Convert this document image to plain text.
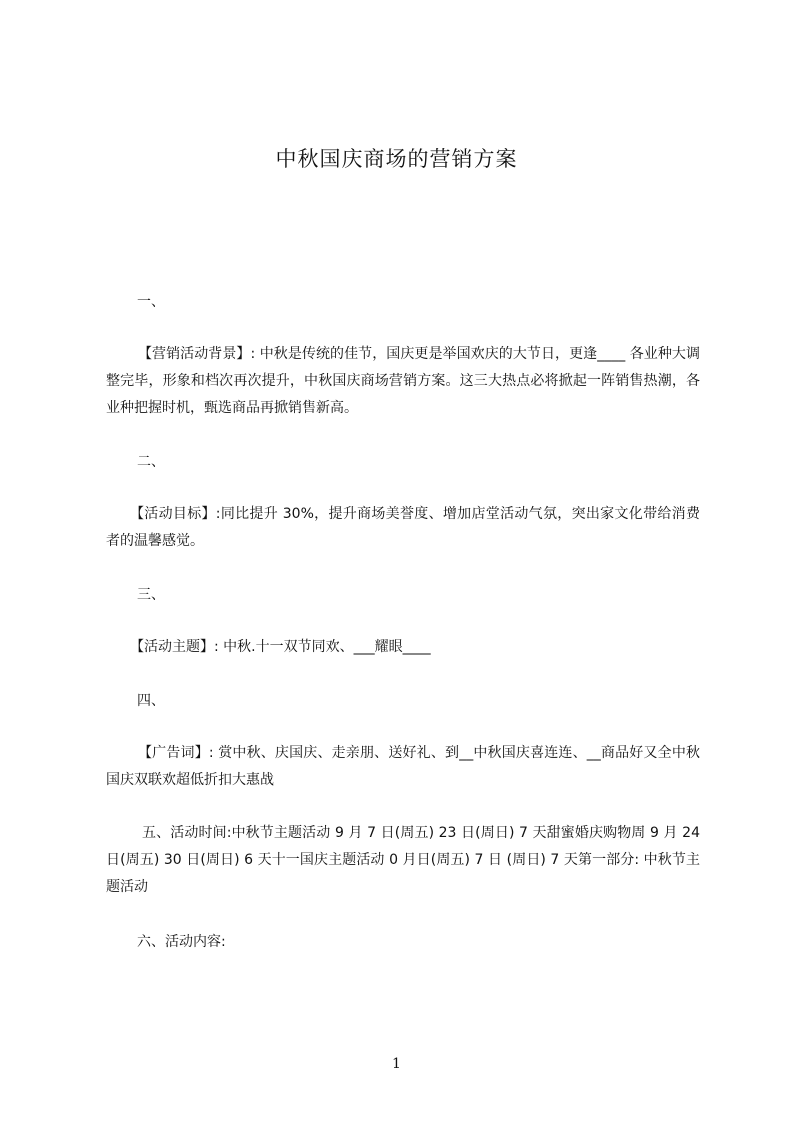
中秋国庆商场的营销方案
一、
【营销活动背景】: 中秋是传统的佳节，国庆更是举国欢庆的大节日，更逢____ 各业种大调整完毕，形象和档次再次提升，中秋国庆商场营销方案。这三大热点必将掀起一阵销售热潮，各业种把握时机，甄选商品再掀销售新高。
二、
【活动目标】:同比提升 30%，提升商场美誉度、增加店堂活动气氛，突出家文化带给消费者的温馨感觉。
三、
【活动主题】: 中秋.十一双节同欢、___耀眼____
四、
【广告词】: 赏中秋、庆国庆、走亲朋、送好礼、到__中秋国庆喜连连、__商品好又全中秋国庆双联欢超低折扣大惠战
五、活动时间:中秋节主题活动 9 月 7 日(周五) 23 日(周日) 7 天甜蜜婚庆购物周 9 月 24 日(周五) 30 日(周日) 6 天十一国庆主题活动 0 月日(周五) 7 日 (周日) 7 天第一部分: 中秋节主题活动
六、活动内容:
1
